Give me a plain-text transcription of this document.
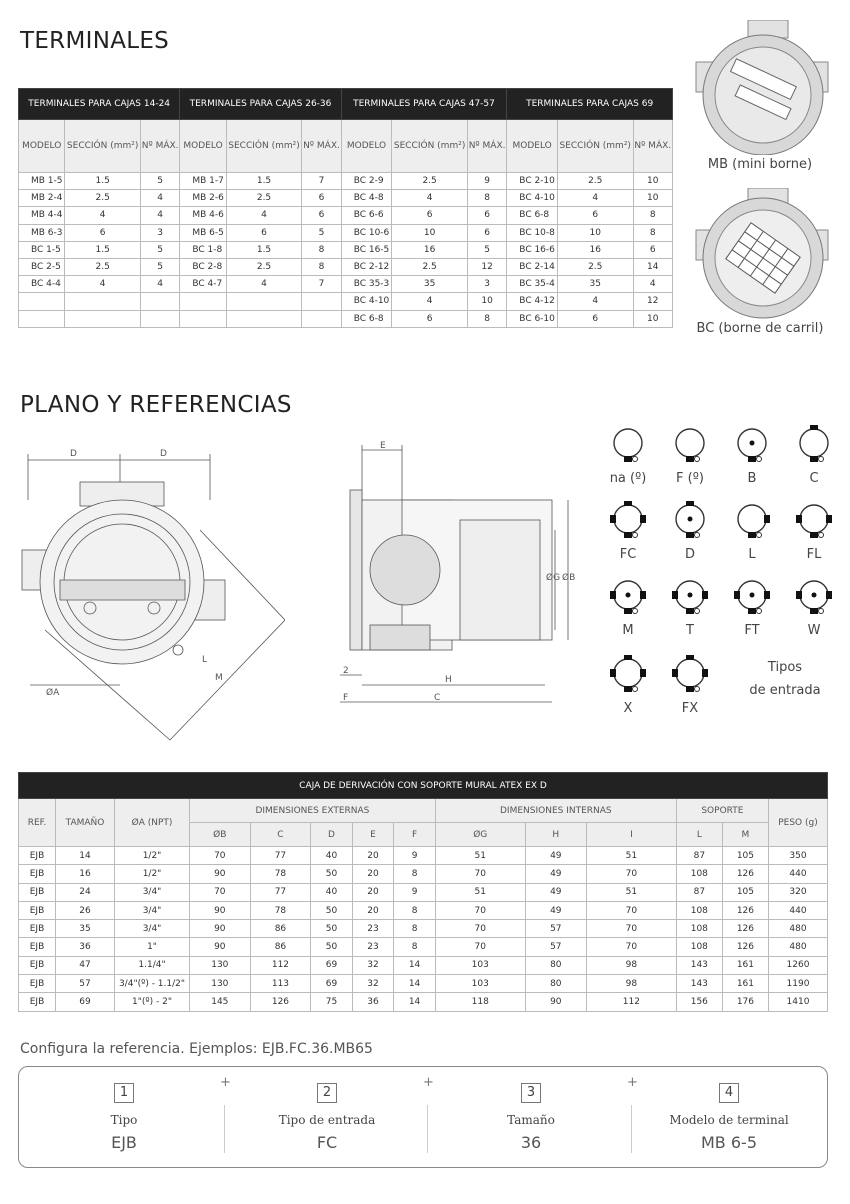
TERMINALES
TERMINALES PARA CAJAS 14-24			TERMINALES PARA CAJAS 26-36			TERMINALES PARA CAJAS 47-57			TERMINALES PARA CAJAS 69		
MODELO	SECCIÓN (mm²)	Nº MÁX.	MODELO	SECCIÓN (mm²)	Nº MÁX.	MODELO	SECCIÓN (mm²)	Nº MÁX.	MODELO	SECCIÓN (mm²)	Nº MÁX.
MB 1-5	1.5	5	MB 1-7	1.5	7	BC 2-9	2.5	9	BC 2-10	2.5	10
MB 2-4	2.5	4	MB 2-6	2.5	6	BC 4-8	4	8	BC 4-10	4	10
MB 4-4	4	4	MB 4-6	4	6	BC 6-6	6	6	BC 6-8	6	8
MB 6-3	6	3	MB 6-5	6	5	BC 10-6	10	6	BC 10-8	10	8
BC 1-5	1.5	5	BC 1-8	1.5	8	BC 16-5	16	5	BC 16-6	16	6
BC 2-5	2.5	5	BC 2-8	2.5	8	BC 2-12	2.5	12	BC 2-14	2.5	14
BC 4-4	4	4	BC 4-7	4	7	BC 35-3	35	3	BC 35-4	35	4
						BC 4-10	4	10	BC 4-12	4	12
						BC 6-8	6	8	BC 6-10	6	10
MB (mini borne)
BC (borne de carril)
PLANO Y REFERENCIAS
D	D
ØA
L
M
E
ØG ØB
2
H
F	C
na (º)	F (º)	B	C
FC	D	L	FL
M	T	FT	W
X	FX
Tipos
de entrada
CAJA DE DERIVACIÓN CON SOPORTE MURAL ATEX EX D													
REF.	TAMAÑO	ØA (NPT)	DIMENSIONES EXTERNAS					DIMENSIONES INTERNAS			SOPORTE		PESO (g)
			ØB	C	D	E	F	ØG	H	I	L	M	
EJB	14	1/2"	70	77	40	20	9	51	49	51	87	105	350
EJB	16	1/2"	90	78	50	20	8	70	49	70	108	126	440
EJB	24	3/4"	70	77	40	20	9	51	49	51	87	105	320
EJB	26	3/4"	90	78	50	20	8	70	49	70	108	126	440
EJB	35	3/4"	90	86	50	23	8	70	57	70	108	126	480
EJB	36	1"	90	86	50	23	8	70	57	70	108	126	480
EJB	47	1.1/4"	130	112	69	32	14	103	80	98	143	161	1260
EJB	57	3/4"(º) - 1.1/2"	130	113	69	32	14	103	80	98	143	161	1190
EJB	69	1"(º) - 2"	145	126	75	36	14	118	90	112	156	176	1410
Configura la referencia. Ejemplos: EJB.FC.36.MB65
1
Tipo
EJB
+
2
Tipo de entrada
FC
+
3
Tamaño
36
+
4
Modelo de terminal
MB 6-5
